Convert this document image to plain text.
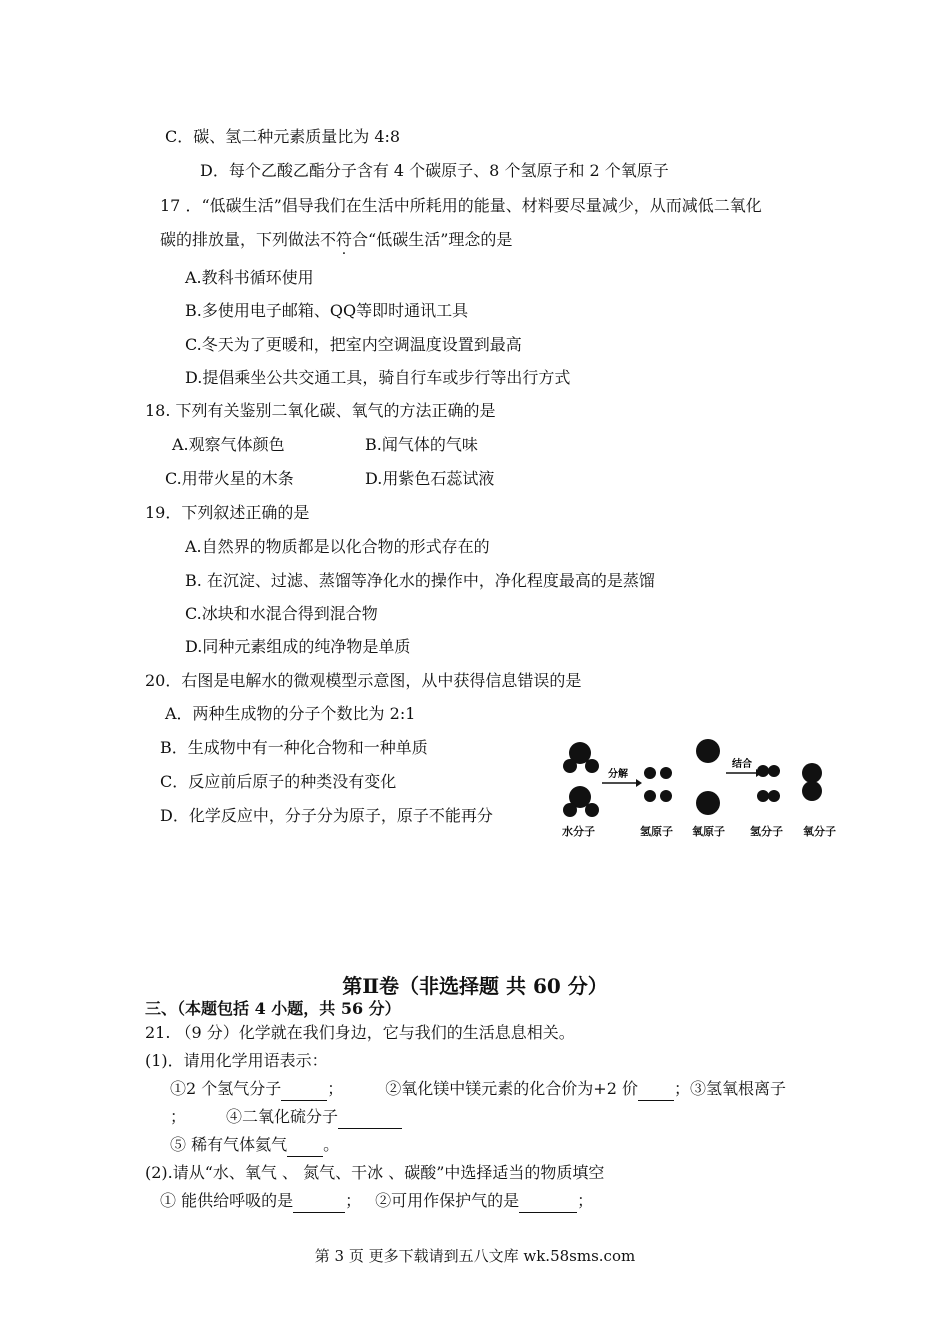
C．碳、氢二种元素质量比为 4:8
D．每个乙酸乙酯分子含有 4 个碳原子、8 个氢原子和 2 个氧原子
17 ．“低碳生活”倡导我们在生活中所耗用的能量、材料要尽量减少，从而减低二氧化
碳的排放量，下列做法不符合“低碳生活”理念的是
A.教科书循环使用
B.多使用电子邮箱、QQ等即时通讯工具
C.冬天为了更暖和，把室内空调温度设置到最高
D.提倡乘坐公共交通工具，骑自行车或步行等出行方式
18. 下列有关鉴别二氧化碳、氧气的方法正确的是
A.观察气体颜色	B.闻气体的气味
C.用带火星的木条	D.用紫色石蕊试液
19．下列叙述正确的是
A.自然界的物质都是以化合物的形式存在的
B. 在沉淀、过滤、蒸馏等净化水的操作中，净化程度最高的是蒸馏
C.冰块和水混合得到混合物
D.同种元素组成的纯净物是单质
20．右图是电解水的微观模型示意图，从中获得信息错误的是
A．两种生成物的分子个数比为 2:1
B．生成物中有一种化合物和一种单质
C．反应前后原子的种类没有变化
D．化学反应中，分子分为原子，原子不能再分
分解
结合
水分子	氢原子 氧原子 氢分子 氧分子
第Ⅱ卷（非选择题 共 60 分）
三、（本题包括 4 小题，共 56 分）
21. （9 分）化学就在我们身边，它与我们的生活息息相关。
(1)．请用化学用语表示：
①2 个氢气分子	；	②氧化镁中镁元素的化合价为+2 价 ；③氢氧根离子
； ④二氧化硫分子
⑤ 稀有气体氦气 。
(2).请从“水、氧气 、 氮气、干冰 、碳酸”中选择适当的物质填空
① 能供给呼吸的是	； ②可用作保护气的是	；
第 3 页 更多下载请到五八文库 wk.58sms.com
